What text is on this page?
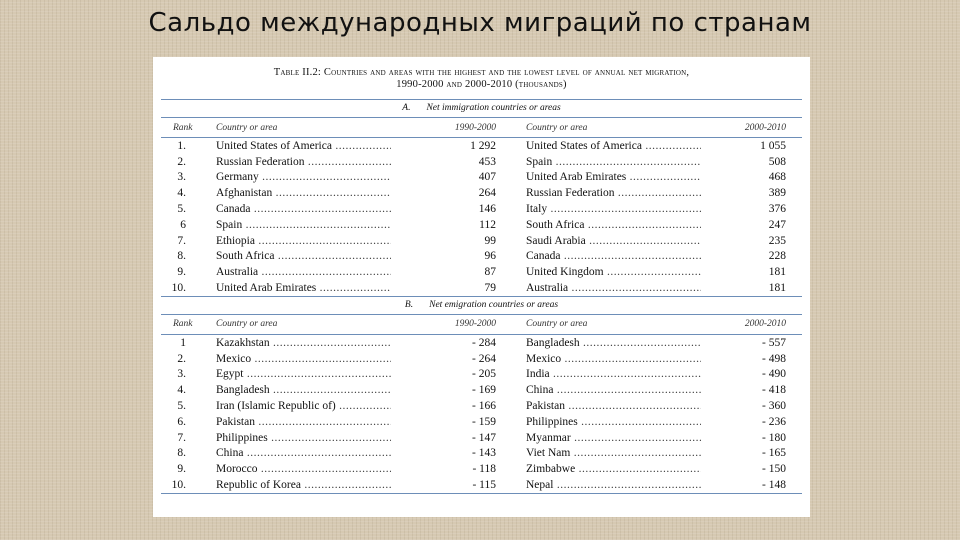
Сальдо международных миграций по странам
Table II.2: Countries and areas with the highest and the lowest level of annual net migration,
1990-2000 and 2000-2010 (thousands)
A. Net immigration countries or areas
Rank	Country or area	1990-2000	Country or area	2000-2010
1.	United States of America .....	1 292	United States of America .....	1 055
2.	Russian Federation .....	453	Spain .....	508
3.	Germany .....	407	United Arab Emirates .....	468
4.	Afghanistan .....	264	Russian Federation .....	389
5.	Canada .....	146	Italy .....	376
6	Spain .....	112	South Africa .....	247
7.	Ethiopia .....	99	Saudi Arabia .....	235
8.	South Africa .....	96	Canada .....	228
9.	Australia .....	87	United Kingdom .....	181
10.	United Arab Emirates .....	79	Australia .....	181
B. Net emigration countries or areas
Rank	Country or area	1990-2000	Country or area	2000-2010
1	Kazakhstan .....	- 284	Bangladesh .....	- 557
2.	Mexico .....	- 264	Mexico .....	- 498
3.	Egypt .....	- 205	India .....	- 490
4.	Bangladesh .....	- 169	China .....	- 418
5.	Iran (Islamic Republic of) .....	- 166	Pakistan .....	- 360
6.	Pakistan .....	- 159	Philippines .....	- 236
7.	Philippines .....	- 147	Myanmar .....	- 180
8.	China .....	- 143	Viet Nam .....	- 165
9.	Morocco .....	- 118	Zimbabwe .....	- 150
10.	Republic of Korea .....	- 115	Nepal .....	- 148
